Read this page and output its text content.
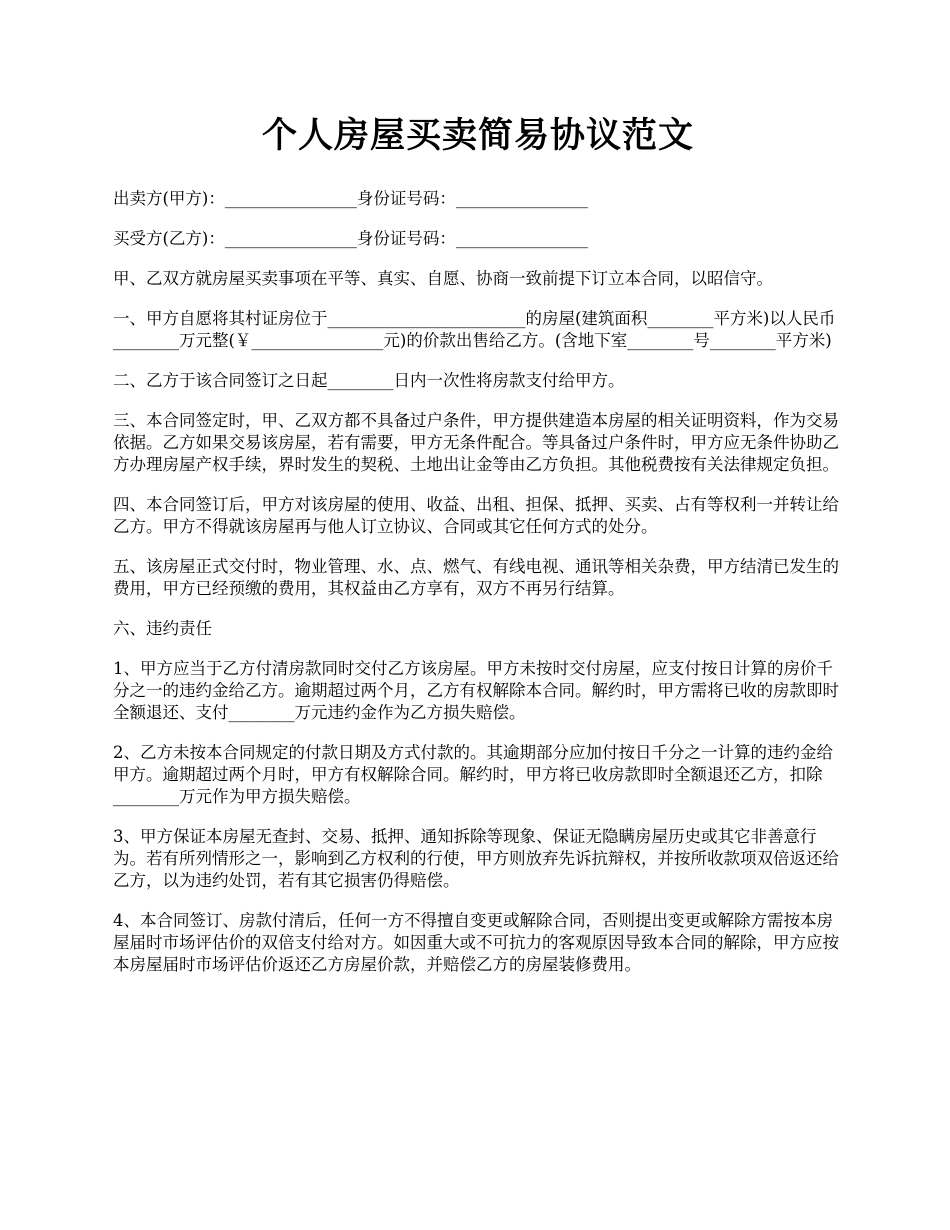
个人房屋买卖简易协议范文

出卖方(甲方)：________________身份证号码：________________

买受方(乙方)：________________身份证号码：________________

甲、乙双方就房屋买卖事项在平等、真实、自愿、协商一致前提下订立本合同，以昭信守。

一、甲方自愿将其村证房位于________________________的房屋(建筑面积________平方米)以人民币________万元整(￥________________元)的价款出售给乙方。(含地下室________号________平方米)

二、乙方于该合同签订之日起________日内一次性将房款支付给甲方。

三、本合同签定时，甲、乙双方都不具备过户条件，甲方提供建造本房屋的相关证明资料，作为交易依据。乙方如果交易该房屋，若有需要，甲方无条件配合。等具备过户条件时，甲方应无条件协助乙方办理房屋产权手续，界时发生的契税、土地出让金等由乙方负担。其他税费按有关法律规定负担。

四、本合同签订后，甲方对该房屋的使用、收益、出租、担保、抵押、买卖、占有等权利一并转让给乙方。甲方不得就该房屋再与他人订立协议、合同或其它任何方式的处分。

五、该房屋正式交付时，物业管理、水、点、燃气、有线电视、通讯等相关杂费，甲方结清已发生的费用，甲方已经预缴的费用，其权益由乙方享有，双方不再另行结算。

六、违约责任

1、甲方应当于乙方付清房款同时交付乙方该房屋。甲方未按时交付房屋，应支付按日计算的房价千分之一的违约金给乙方。逾期超过两个月，乙方有权解除本合同。解约时，甲方需将已收的房款即时全额退还、支付________万元违约金作为乙方损失赔偿。

2、乙方未按本合同规定的付款日期及方式付款的。其逾期部分应加付按日千分之一计算的违约金给甲方。逾期超过两个月时，甲方有权解除合同。解约时，甲方将已收房款即时全额退还乙方，扣除________万元作为甲方损失赔偿。

3、甲方保证本房屋无查封、交易、抵押、通知拆除等现象、保证无隐瞒房屋历史或其它非善意行为。若有所列情形之一，影响到乙方权利的行使，甲方则放弃先诉抗辩权，并按所收款项双倍返还给乙方，以为违约处罚，若有其它损害仍得赔偿。

4、本合同签订、房款付清后，任何一方不得擅自变更或解除合同，否则提出变更或解除方需按本房屋届时市场评估价的双倍支付给对方。如因重大或不可抗力的客观原因导致本合同的解除，甲方应按本房屋届时市场评估价返还乙方房屋价款，并赔偿乙方的房屋装修费用。
